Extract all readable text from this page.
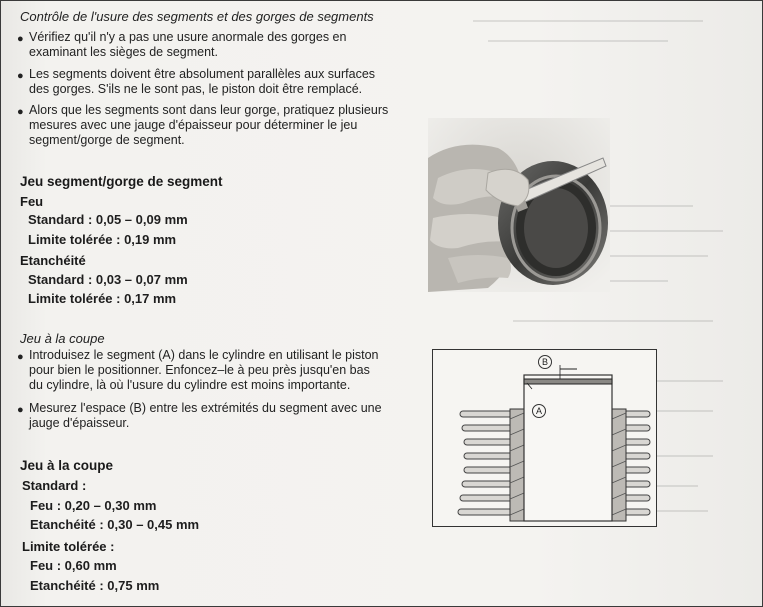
Contrôle de l'usure des segments et des gorges de segments
● Vérifiez qu'il n'y a pas une usure anormale des gorges en
examinant les sièges de segment.
● Les segments doivent être absolument parallèles aux surfaces
des gorges. S'ils ne le sont pas, le piston doit être remplacé.
● Alors que les segments sont dans leur gorge, pratiquez plusieurs
mesures avec une jauge d'épaisseur pour déterminer le jeu
segment/gorge de segment.
Jeu segment/gorge de segment
Feu
Standard : 0,05 – 0,09 mm
Limite tolérée : 0,19 mm
Etanchéité
Standard : 0,03 – 0,07 mm
Limite tolérée : 0,17 mm
Jeu à la coupe
● Introduisez le segment (A) dans le cylindre en utilisant le piston
pour bien le positionner. Enfoncez–le à peu près jusqu'en bas
du cylindre, là où l'usure du cylindre est moins importante.
● Mesurez l'espace (B) entre les extrémités du segment avec une
jauge d'épaisseur.
Jeu à la coupe
Standard :
Feu : 0,20 – 0,30 mm
Etanchéité : 0,30 – 0,45 mm
Limite tolérée :
Feu : 0,60 mm
Etanchéité : 0,75 mm
A
B
